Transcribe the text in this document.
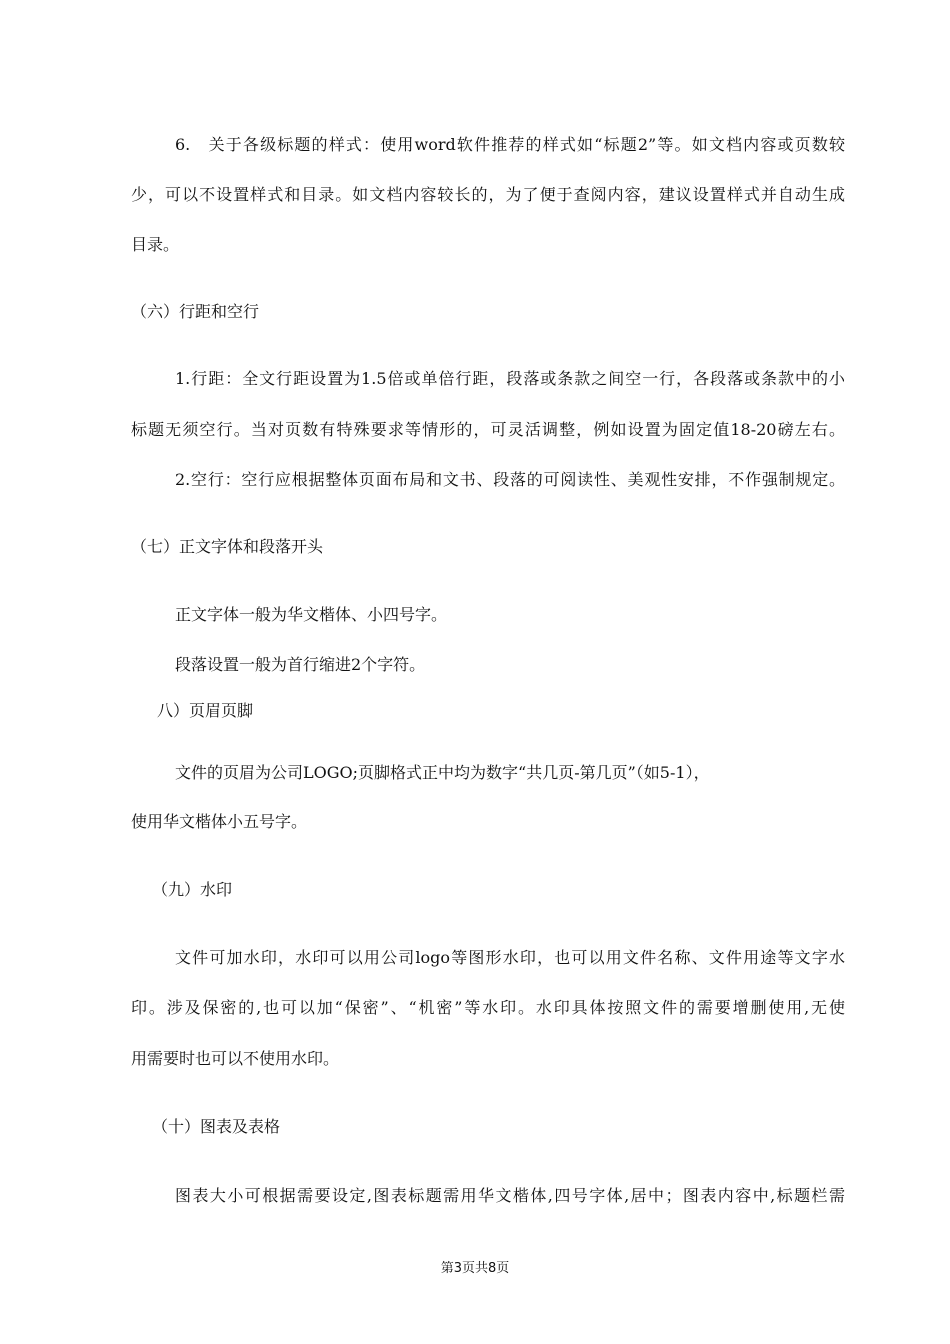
6.　关于各级标题的样式：使用word软件推荐的样式如“标题2”等。如文档内容或页数较
少，可以不设置样式和目录。如文档内容较长的，为了便于查阅内容，建议设置样式并自动生成
目录。
（六）行距和空行
1.行距：全文行距设置为1.5倍或单倍行距，段落或条款之间空一行，各段落或条款中的小
标题无须空行。当对页数有特殊要求等情形的，可灵活调整，例如设置为固定值18-20磅左右。
2.空行：空行应根据整体页面布局和文书、段落的可阅读性、美观性安排，不作强制规定。
（七）正文字体和段落开头
正文字体一般为华文楷体、小四号字。
段落设置一般为首行缩进2个字符。
八）页眉页脚
文件的页眉为公司LOGO;页脚格式正中均为数字“共几页-第几页”（如5-1），
使用华文楷体小五号字。
（九）水印
文件可加水印，水印可以用公司logo等图形水印，也可以用文件名称、文件用途等文字水
印。涉及保密的,也可以加“保密”、“机密”等水印。水印具体按照文件的需要增删使用,无使
用需要时也可以不使用水印。
（十）图表及表格
图表大小可根据需要设定,图表标题需用华文楷体,四号字体,居中；图表内容中,标题栏需
第3页共8页
